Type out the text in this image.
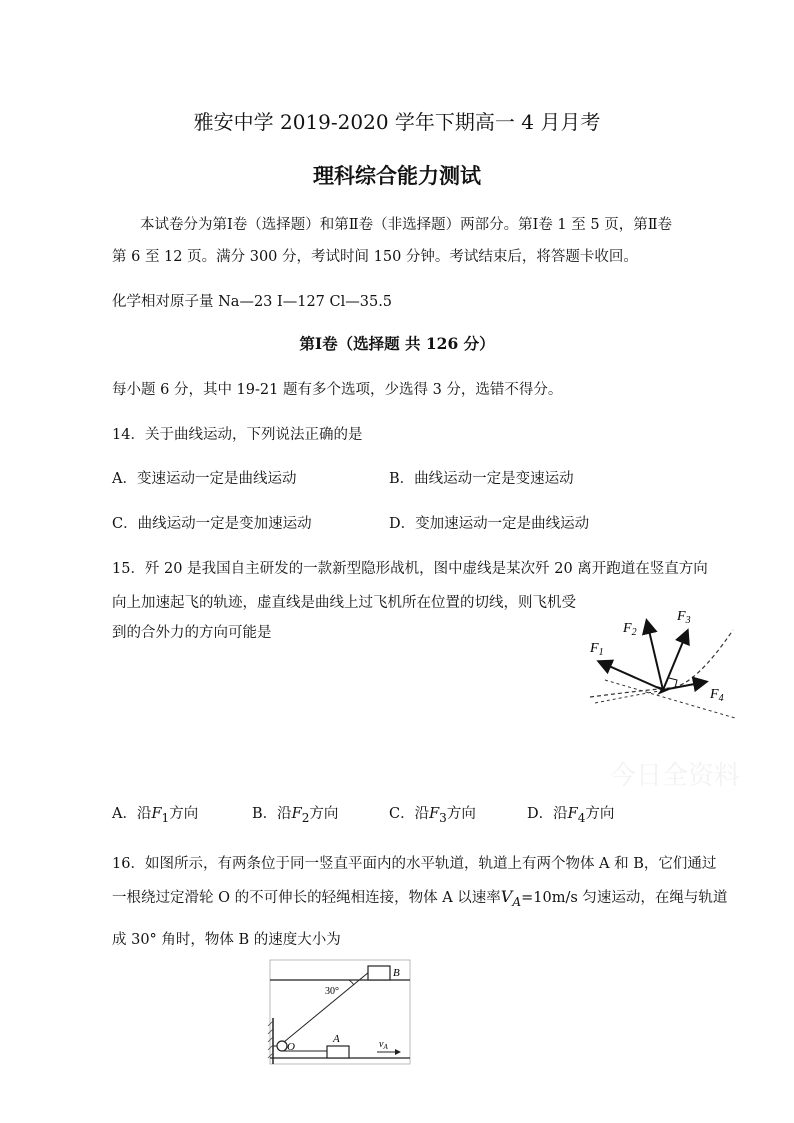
雅安中学 2019-2020 学年下期高一 4 月月考
理科综合能力测试
本试卷分为第Ⅰ卷（选择题）和第Ⅱ卷（非选择题）两部分。第Ⅰ卷 1 至 5 页，第Ⅱ卷
第 6 至 12 页。满分 300 分，考试时间 150 分钟。考试结束后，将答题卡收回。
化学相对原子量 Na—23 I—127 Cl—35.5
第Ⅰ卷（选择题 共 126 分）
每小题 6 分，其中 19-21 题有多个选项，少选得 3 分，选错不得分。
14．关于曲线运动，下列说法正确的是
A．变速运动一定是曲线运动	B．曲线运动一定是变速运动
C．曲线运动一定是变加速运动	D．变加速运动一定是曲线运动
15．歼 20 是我国自主研发的一款新型隐形战机，图中虚线是某次歼 20 离开跑道在竖直方向
向上加速起飞的轨迹，虚直线是曲线上过飞机所在位置的切线，则飞机受
到的合外力的方向可能是
$F_1$
$F_2$
$F_3$
$F_4$
今日全资料
A．沿$F_1$方向	B．沿$F_2$方向	C．沿$F_3$方向	D．沿$F_4$方向
16．如图所示，有两条位于同一竖直平面内的水平轨道，轨道上有两个物体 A 和 B，它们通过
一根绕过定滑轮 O 的不可伸长的轻绳相连接，物体 A 以速率$V_A=10m/s$ 匀速运动，在绳与轨道
成 30° 角时，物体 B 的速度大小为
B
A
O
30°
$v_A$
